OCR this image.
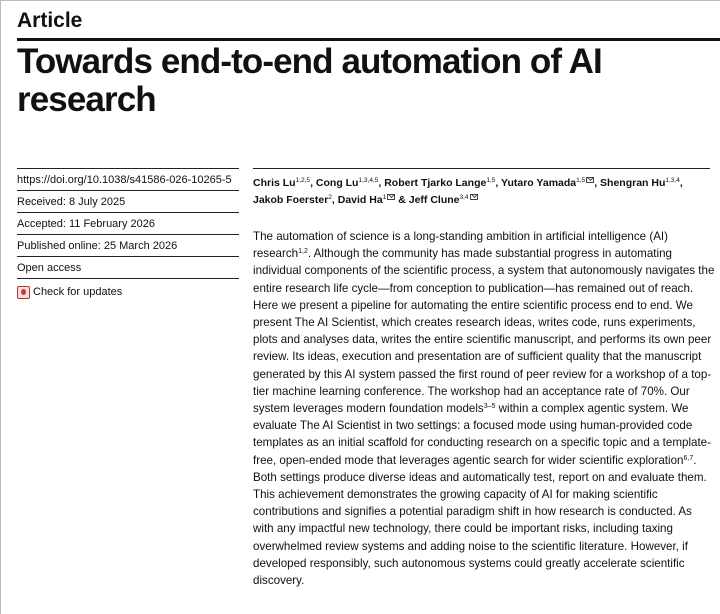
Article
Towards end-to-end automation of AI research
https://doi.org/10.1038/s41586-026-10265-5
Received: 8 July 2025
Accepted: 11 February 2026
Published online: 25 March 2026
Open access
Check for updates
Chris Lu$^{1,2,5}$, Cong Lu$^{1,3,4,5}$, Robert Tjarko Lange$^{1,5}$, Yutaro Yamada$^{1,5}$ , Shengran Hu$^{1,3,4}$, Jakob Foerster$^2$, David Ha$^1$ & Jeff Clune$^{3,4}$
The automation of science is a long-standing ambition in artificial intelligence (AI) research$^{1,2}$. Although the community has made substantial progress in automating individual components of the scientific process, a system that autonomously navigates the entire research life cycle—from conception to publication—has remained out of reach. Here we present a pipeline for automating the entire scientific process end to end. We present The AI Scientist, which creates research ideas, writes code, runs experiments, plots and analyses data, writes the entire scientific manuscript, and performs its own peer review. Its ideas, execution and presentation are of sufficient quality that the manuscript generated by this AI system passed the first round of peer review for a workshop of a top-tier machine learning conference. The workshop had an acceptance rate of 70%. Our system leverages modern foundation models$^{3-5}$ within a complex agentic system. We evaluate The AI Scientist in two settings: a focused mode using human-provided code templates as an initial scaffold for conducting research on a specific topic and a template-free, open-ended mode that leverages agentic search for wider scientific exploration$^{6,7}$. Both settings produce diverse ideas and automatically test, report on and evaluate them. This achievement demonstrates the growing capacity of AI for making scientific contributions and signifies a potential paradigm shift in how research is conducted. As with any impactful new technology, there could be important risks, including taxing overwhelmed review systems and adding noise to the scientific literature. However, if developed responsibly, such autonomous systems could greatly accelerate scientific discovery.
